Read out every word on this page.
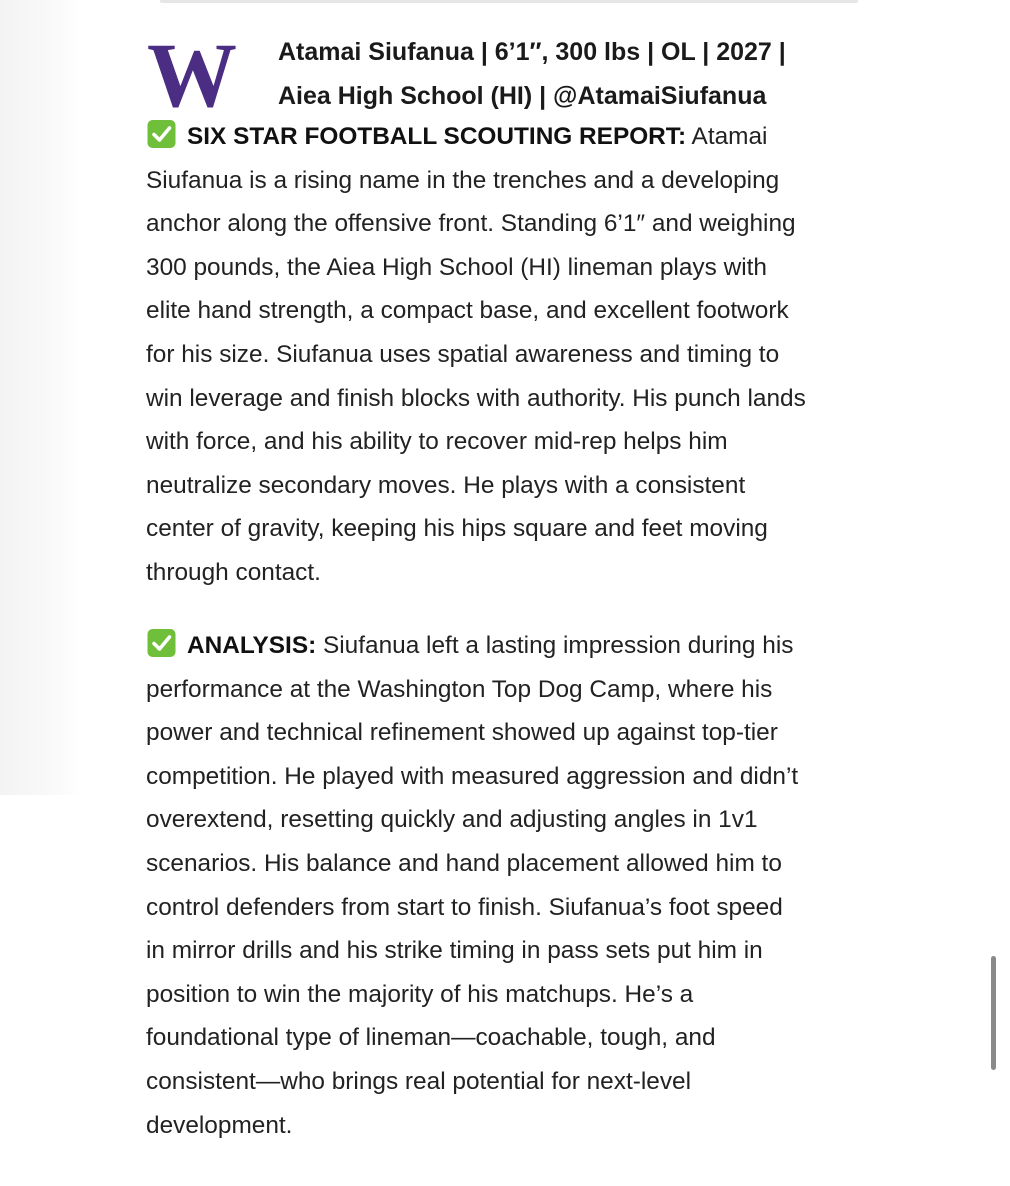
W Atamai Siufanua | 6’1″, 300 lbs | OL | 2027 |
Aiea High School (HI) | @AtamaiSiufanua
SIX STAR FOOTBALL SCOUTING REPORT: Atamai
Siufanua is a rising name in the trenches and a developing
anchor along the offensive front. Standing 6’1″ and weighing
300 pounds, the Aiea High School (HI) lineman plays with
elite hand strength, a compact base, and excellent footwork
for his size. Siufanua uses spatial awareness and timing to
win leverage and finish blocks with authority. His punch lands
with force, and his ability to recover mid-rep helps him
neutralize secondary moves. He plays with a consistent
center of gravity, keeping his hips square and feet moving
through contact.
ANALYSIS: Siufanua left a lasting impression during his
performance at the Washington Top Dog Camp, where his
power and technical refinement showed up against top-tier
competition. He played with measured aggression and didn’t
overextend, resetting quickly and adjusting angles in 1v1
scenarios. His balance and hand placement allowed him to
control defenders from start to finish. Siufanua’s foot speed
in mirror drills and his strike timing in pass sets put him in
position to win the majority of his matchups. He’s a
foundational type of lineman—coachable, tough, and
consistent—who brings real potential for next-level
development.
